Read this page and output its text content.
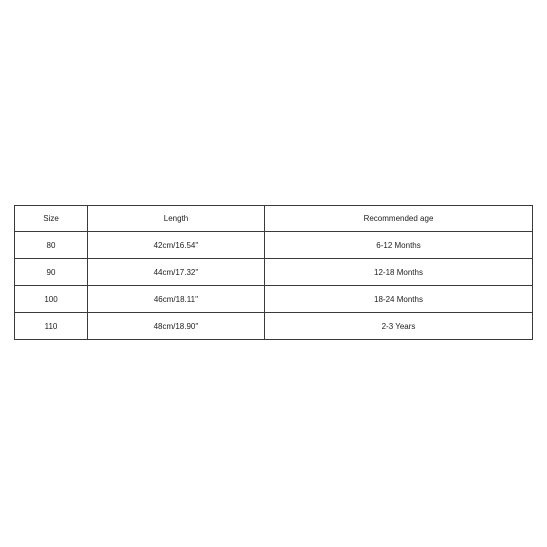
Size	Length	Recommended age
80	42cm/16.54''	6-12 Months
90	44cm/17.32''	12-18 Months
100	46cm/18.11''	18-24 Months
110	48cm/18.90''	2-3 Years
